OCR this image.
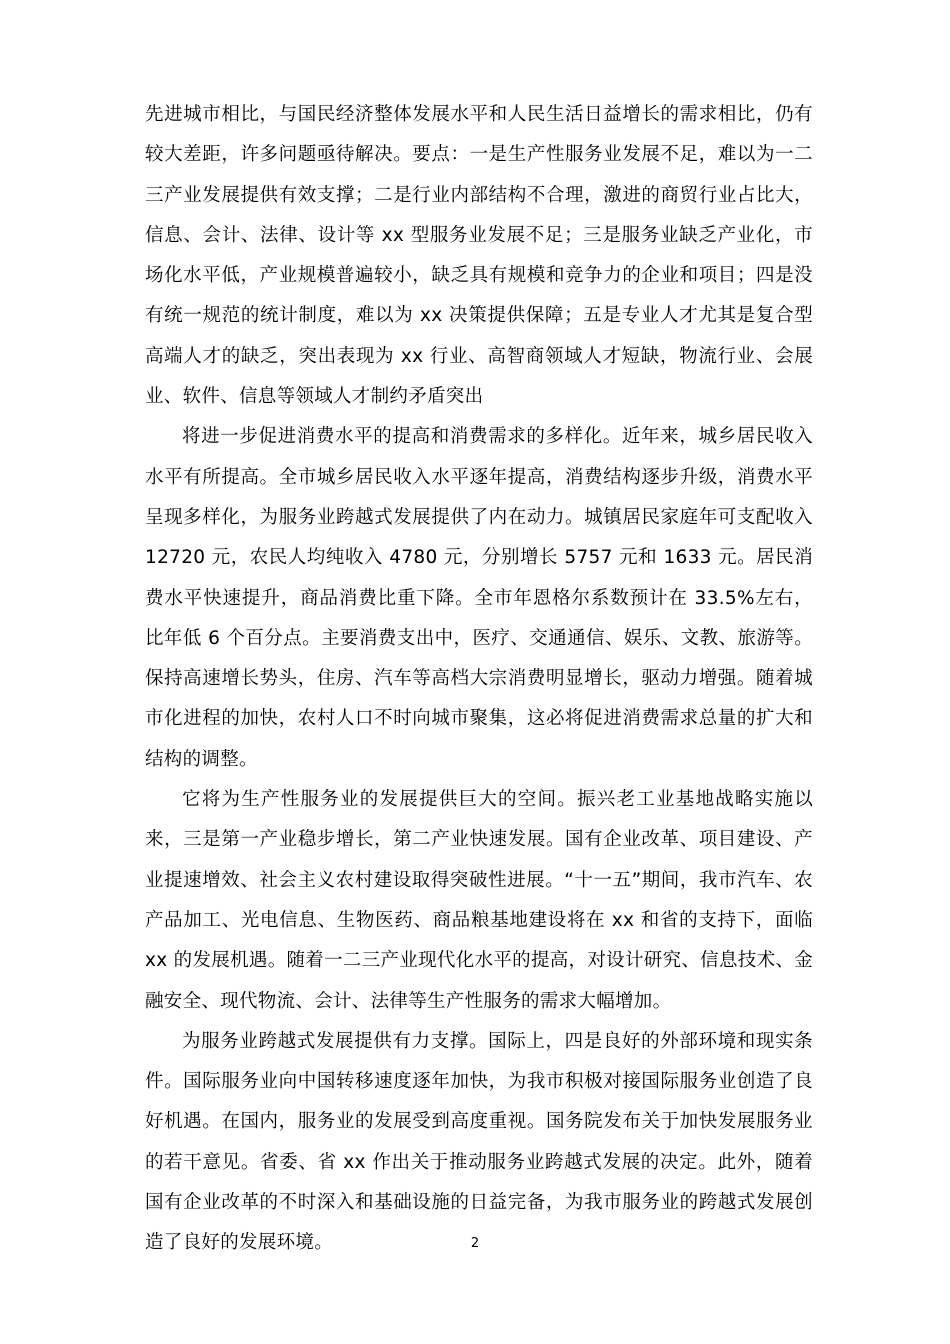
先进城市相比，与国民经济整体发展水平和人民生活日益增长的需求相比，仍有较大差距，许多问题亟待解决。要点：一是生产性服务业发展不足，难以为一二三产业发展提供有效支撑；二是行业内部结构不合理，激进的商贸行业占比大，信息、会计、法律、设计等 xx 型服务业发展不足；三是服务业缺乏产业化，市场化水平低，产业规模普遍较小，缺乏具有规模和竞争力的企业和项目；四是没有统一规范的统计制度，难以为 xx 决策提供保障；五是专业人才尤其是复合型高端人才的缺乏，突出表现为 xx 行业、高智商领域人才短缺，物流行业、会展业、软件、信息等领域人才制约矛盾突出

将进一步促进消费水平的提高和消费需求的多样化。近年来，城乡居民收入水平有所提高。全市城乡居民收入水平逐年提高，消费结构逐步升级，消费水平呈现多样化，为服务业跨越式发展提供了内在动力。城镇居民家庭年可支配收入 12720 元，农民人均纯收入 4780 元，分别增长 5757 元和 1633 元。居民消费水平快速提升，商品消费比重下降。全市年恩格尔系数预计在 33.5%左右，比年低 6 个百分点。主要消费支出中，医疗、交通通信、娱乐、文教、旅游等。保持高速增长势头，住房、汽车等高档大宗消费明显增长，驱动力增强。随着城市化进程的加快，农村人口不时向城市聚集，这必将促进消费需求总量的扩大和结构的调整。

它将为生产性服务业的发展提供巨大的空间。振兴老工业基地战略实施以来，三是第一产业稳步增长，第二产业快速发展。国有企业改革、项目建设、产业提速增效、社会主义农村建设取得突破性进展。“十一五”期间，我市汽车、农产品加工、光电信息、生物医药、商品粮基地建设将在 xx 和省的支持下，面临 xx 的发展机遇。随着一二三产业现代化水平的提高，对设计研究、信息技术、金融安全、现代物流、会计、法律等生产性服务的需求大幅增加。

为服务业跨越式发展提供有力支撑。国际上，四是良好的外部环境和现实条件。国际服务业向中国转移速度逐年加快，为我市积极对接国际服务业创造了良好机遇。在国内，服务业的发展受到高度重视。国务院发布关于加快发展服务业的若干意见。省委、省 xx 作出关于推动服务业跨越式发展的决定。此外，随着国有企业改革的不时深入和基础设施的日益完备，为我市服务业的跨越式发展创造了良好的发展环境。	2
